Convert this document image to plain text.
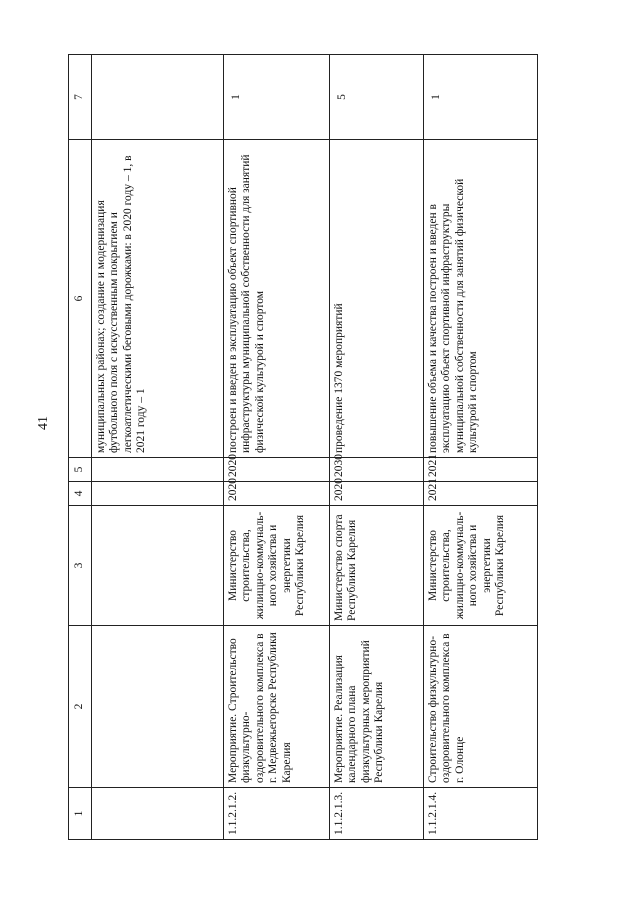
41
1	2	3	4	5	6	7
					муниципальных районах; создание и модернизация футбольного поля с искусственным покрытием и легкоатлетическими беговыми дорожками: в 2020 году – 1, в 2021 году – 1	
1.1.2.1.2.	Мероприятие. Строительство физкультурно-оздоровительного комплекса в г. Медвежьегорске Республики Карелия	Министерство строительства, жилищно-коммуналь-ного хозяйства и энергетики Республики Карелия	2020	2020	построен и введен в эксплуатацию объект спортивной инфраструктуры муниципальной собственности для занятий физической культурой и спортом	1
1.1.2.1.3.	Мероприятие. Реализация календарного плана физкультурных мероприятий Республики Карелия	Министерство спорта Республики Карелия	2020	2030	проведение 1370 мероприятий	5
1.1.2.1.4.	Строительство физкультурно-оздоровительного комплекса в г. Олонце	Министерство строительства, жилищно-коммуналь-ного хозяйства и энергетики Республики Карелия	2021	2021	повышение объема и качества построен и введен в эксплуатацию объект спортивной инфраструктуры муниципальной собственности для занятий физической культурой и спортом	1
